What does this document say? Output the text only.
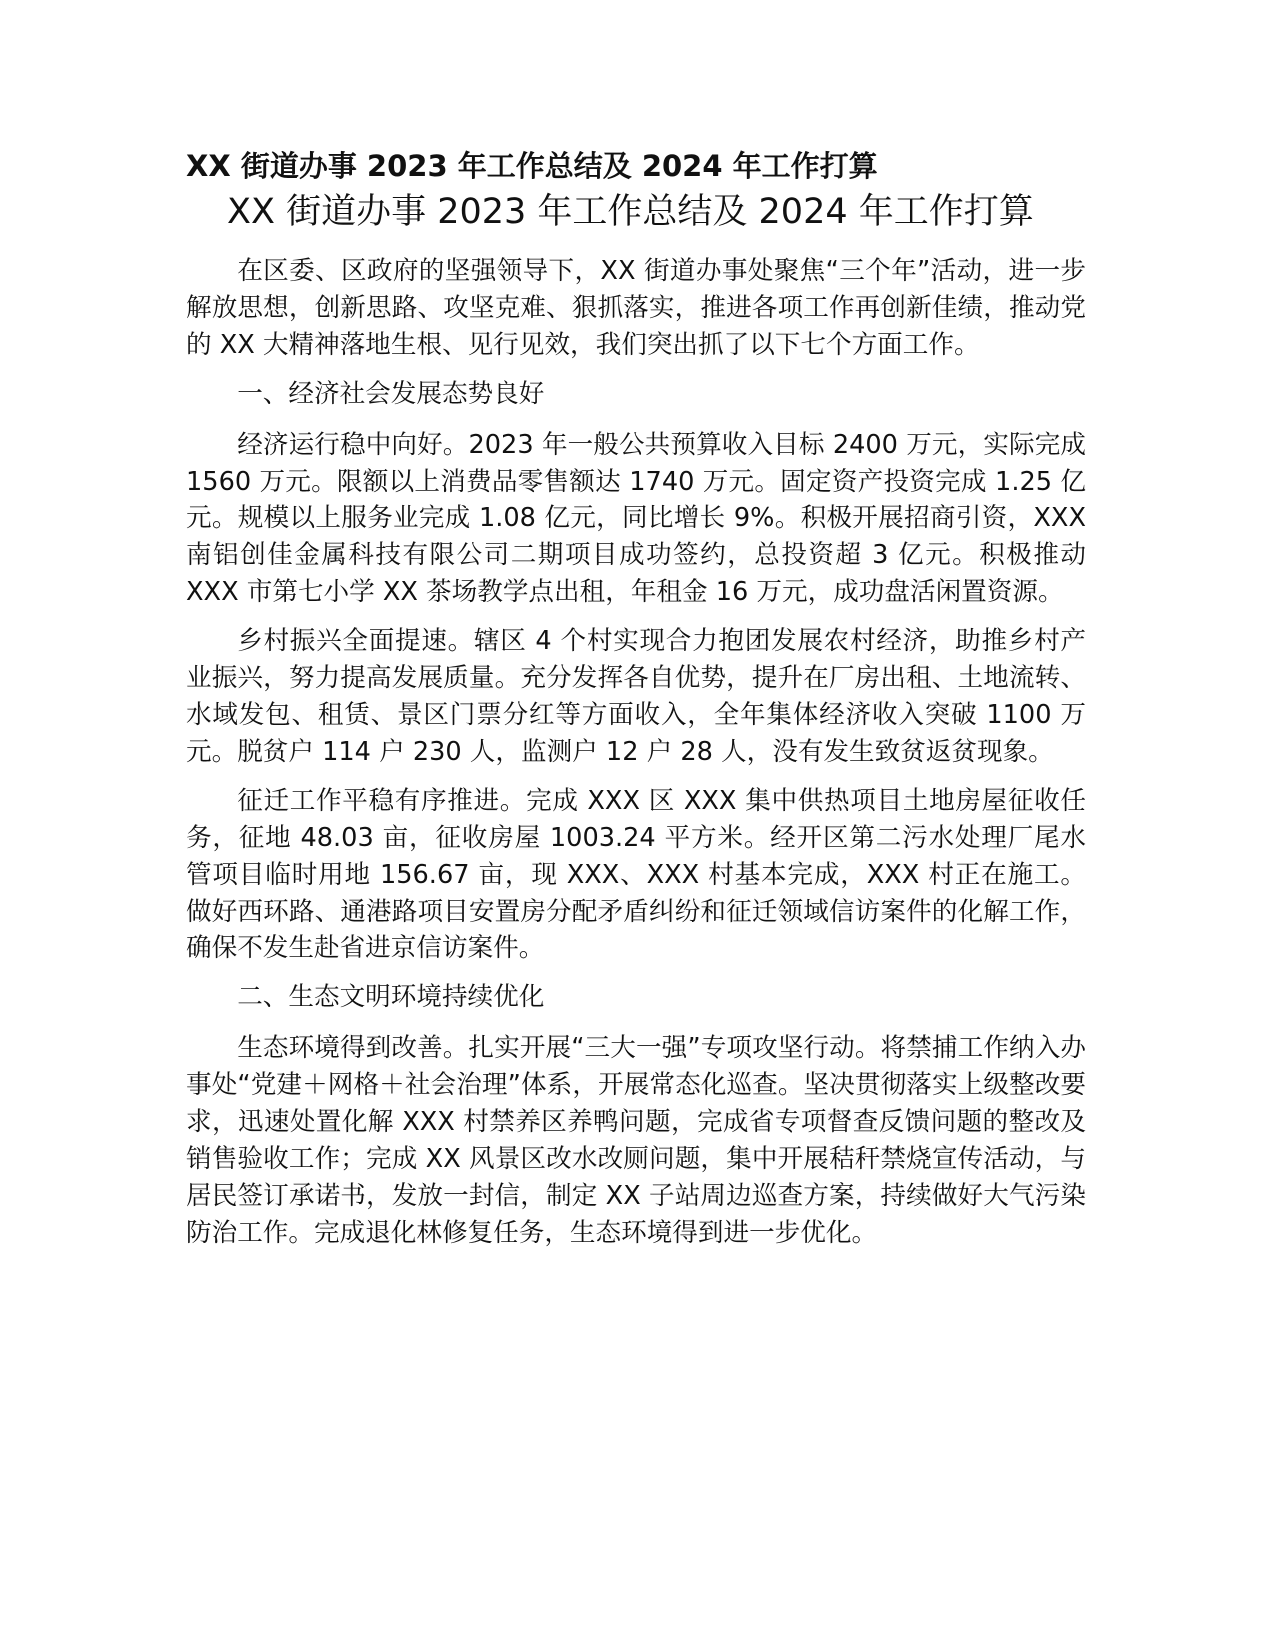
XX 街道办事 2023 年工作总结及 2024 年工作打算
XX 街道办事 2023 年工作总结及 2024 年工作打算

在区委、区政府的坚强领导下，XX 街道办事处聚焦“三个年”活动，进一步解放思想，创新思路、攻坚克难、狠抓落实，推进各项工作再创新佳绩，推动党的 XX 大精神落地生根、见行见效，我们突出抓了以下七个方面工作。

一、经济社会发展态势良好

经济运行稳中向好。2023 年一般公共预算收入目标 2400 万元，实际完成 1560 万元。限额以上消费品零售额达 1740 万元。固定资产投资完成 1.25 亿元。规模以上服务业完成 1.08 亿元，同比增长 9%。积极开展招商引资，XXX 南铝创佳金属科技有限公司二期项目成功签约，总投资超 3 亿元。积极推动 XXX 市第七小学 XX 茶场教学点出租，年租金 16 万元，成功盘活闲置资源。

乡村振兴全面提速。辖区 4 个村实现合力抱团发展农村经济，助推乡村产业振兴，努力提高发展质量。充分发挥各自优势，提升在厂房出租、土地流转、水域发包、租赁、景区门票分红等方面收入，全年集体经济收入突破 1100 万元。脱贫户 114 户 230 人，监测户 12 户 28 人，没有发生致贫返贫现象。

征迁工作平稳有序推进。完成 XXX 区 XXX 集中供热项目土地房屋征收任务，征地 48.03 亩，征收房屋 1003.24 平方米。经开区第二污水处理厂尾水管项目临时用地 156.67 亩，现 XXX、XXX 村基本完成，XXX 村正在施工。做好西环路、通港路项目安置房分配矛盾纠纷和征迁领域信访案件的化解工作，确保不发生赴省进京信访案件。

二、生态文明环境持续优化

生态环境得到改善。扎实开展“三大一强”专项攻坚行动。将禁捕工作纳入办事处“党建＋网格＋社会治理”体系，开展常态化巡查。坚决贯彻落实上级整改要求，迅速处置化解 XXX 村禁养区养鸭问题，完成省专项督查反馈问题的整改及销售验收工作；完成 XX 风景区改水改厕问题，集中开展秸秆禁烧宣传活动，与居民签订承诺书，发放一封信，制定 XX 子站周边巡查方案，持续做好大气污染防治工作。完成退化林修复任务，生态环境得到进一步优化。
